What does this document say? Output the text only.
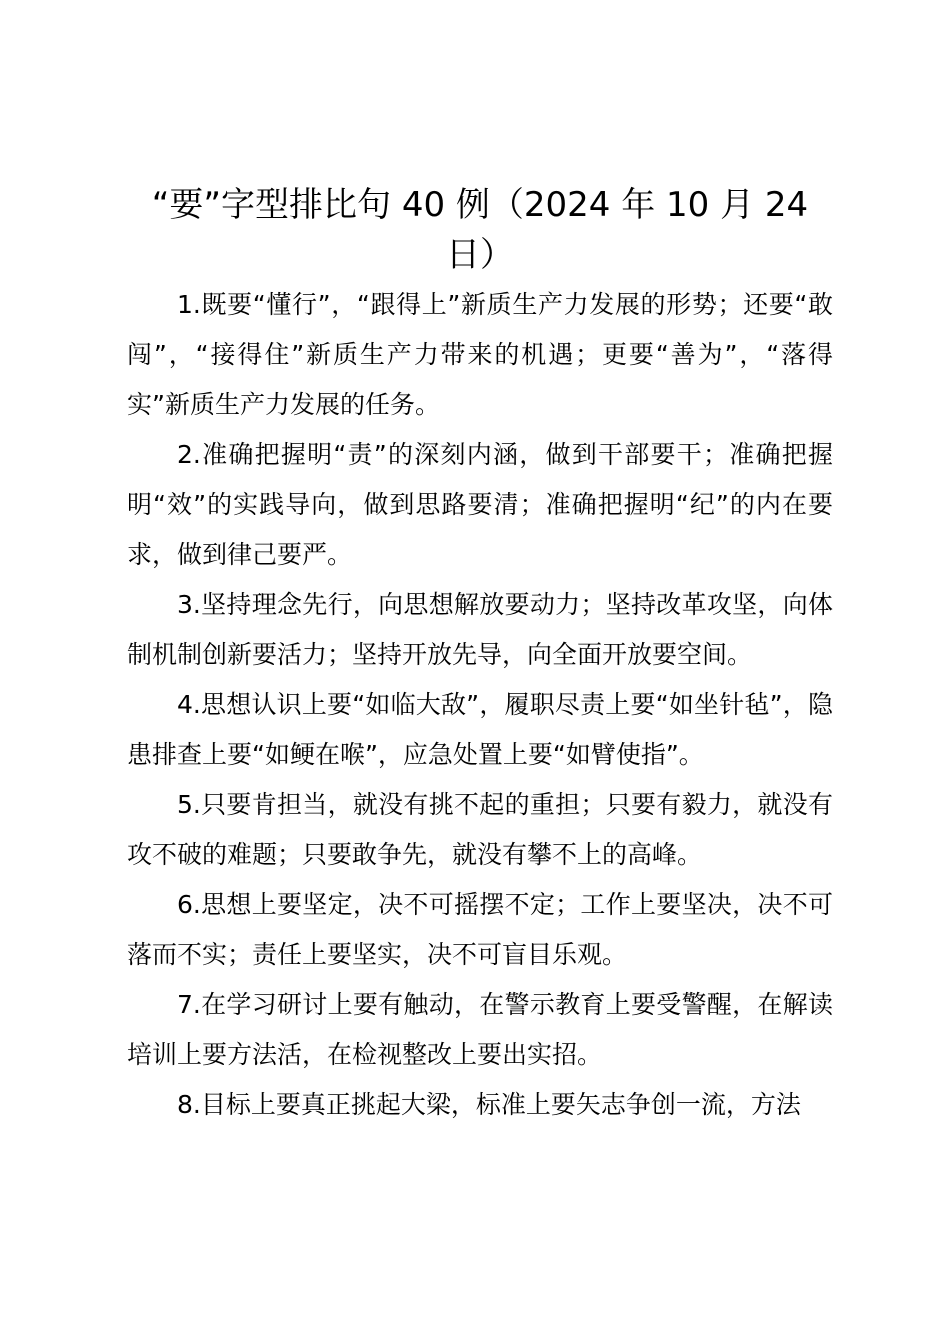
“要”字型排比句 40 例（2024 年 10 月 24 日）

1.既要“懂行”，“跟得上”新质生产力发展的形势；还要“敢闯”，“接得住”新质生产力带来的机遇；更要“善为”，“落得实”新质生产力发展的任务。

2.准确把握明“责”的深刻内涵，做到干部要干；准确把握明“效”的实践导向，做到思路要清；准确把握明“纪”的内在要求，做到律己要严。

3.坚持理念先行，向思想解放要动力；坚持改革攻坚，向体制机制创新要活力；坚持开放先导，向全面开放要空间。

4.思想认识上要“如临大敌”，履职尽责上要“如坐针毡”，隐患排查上要“如鲠在喉”，应急处置上要“如臂使指”。

5.只要肯担当，就没有挑不起的重担；只要有毅力，就没有攻不破的难题；只要敢争先，就没有攀不上的高峰。

6.思想上要坚定，决不可摇摆不定；工作上要坚决，决不可落而不实；责任上要坚实，决不可盲目乐观。

7.在学习研讨上要有触动，在警示教育上要受警醒，在解读培训上要方法活，在检视整改上要出实招。

8.目标上要真正挑起大梁，标准上要矢志争创一流，方法
